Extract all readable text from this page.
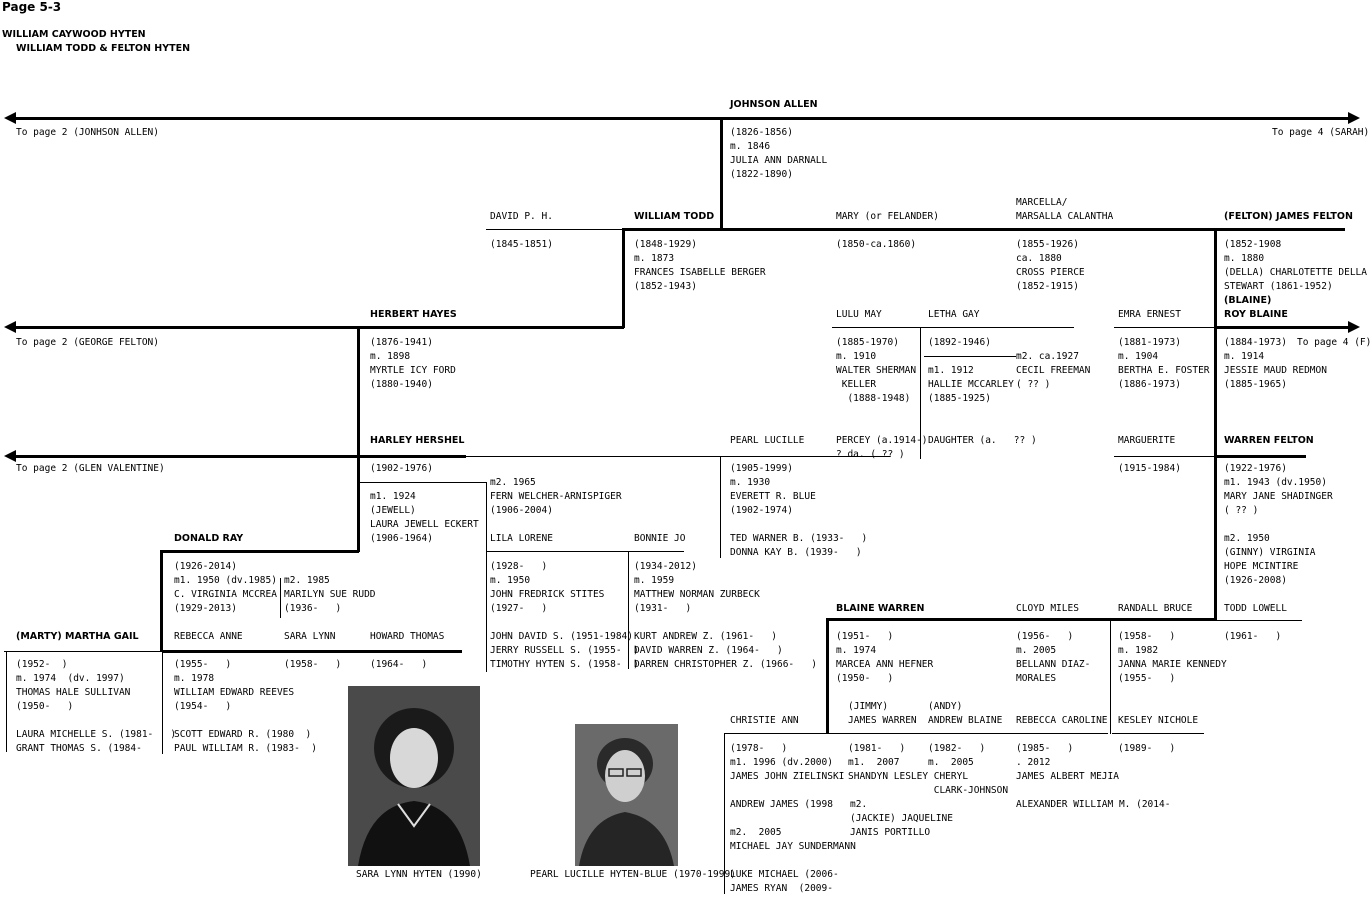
Page 5-3
WILLIAM CAYWOOD HYTEN
WILLIAM TODD & FELTON HYTEN
JOHNSON ALLEN
To page 2 (JONHSON ALLEN)	To page 4 (SARAH)
(1826-1856)
m. 1846
JULIA ANN DARNALL
(1822-1890)
DAVID P. H.
(1845-1851)
WILLIAM TODD
(1848-1929)
m. 1873
FRANCES ISABELLE BERGER
(1852-1943)
MARY (or FELANDER)
(1850-ca.1860)
MARCELLA/
MARSALLA CALANTHA
(1855-1926)
ca. 1880
CROSS PIERCE
(1852-1915)
(FELTON) JAMES FELTON
(1852-1908
m. 1880
(DELLA) CHARLOTETTE DELLA
STEWART (1861-1952)
HERBERT HAYES
To page 2 (GEORGE FELTON)	(1876-1941)
m. 1898
MYRTLE ICY FORD
(1880-1940)
LULU MAY
(1885-1970)
m. 1910
WALTER SHERMAN
KELLER
(1888-1948)
LETHA GAY
(1892-1946)
m1. 1912
HALLIE MCCARLEY
(1885-1925)
m2. ca.1927
CECIL FREEMAN
( ?? )
EMRA ERNEST
(1881-1973)
m. 1904
BERTHA E. FOSTER
(1886-1973)
(BLAINE)
ROY BLAINE
(1884-1973)
m. 1914
JESSIE MAUD REDMON
(1885-1965)
To page 4 (F)
HARLEY HERSHEL
To page 2 (GLEN VALENTINE)	(1902-1976)
m1. 1924
(JEWELL)
LAURA JEWELL ECKERT
(1906-1964)
m2. 1965
FERN WELCHER-ARNISPIGER
(1906-2004)
PEARL LUCILLE
(1905-1999)
m. 1930
EVERETT R. BLUE
(1902-1974)

TED WARNER B. (1933-   )
DONNA KAY B. (1939-   )
PERCEY (a.1914-)
? da. ( ?? )
DAUGHTER (a.   ?? )	MARGUERITE
(1915-1984)
WARREN FELTON
(1922-1976)
m1. 1943 (dv.1950)
MARY JANE SHADINGER
( ?? )

m2. 1950
(GINNY) VIRGINIA
HOPE MCINTIRE
(1926-2008)
DONALD RAY
(1926-2014)
m1. 1950 (dv.1985)
C. VIRGINIA MCCREA
(1929-2013)
m2. 1985
MARILYN SUE RUDD
(1936-   )
LILA LORENE
(1928-   )
m. 1950
JOHN FREDRICK STITES
(1927-   )

JOHN DAVID S. (1951-1984)
JERRY RUSSELL S. (1955-  )
TIMOTHY HYTEN S. (1958-  )
BONNIE JO
(1934-2012)
m. 1959
MATTHEW NORMAN ZURBECK
(1931-   )

KURT ANDREW Z. (1961-   )
DAVID WARREN Z. (1964-   )
DARREN CHRISTOPHER Z. (1966-   )
BLAINE WARREN
(1951-   )
m. 1974
MARCEA ANN HEFNER
(1950-   )
CLOYD MILES
(1956-   )
m. 2005
BELLANN DIAZ-
MORALES
RANDALL BRUCE
(1958-   )
m. 1982
JANNA MARIE KENNEDY
(1955-   )
TODD LOWELL
(1961-   )
(MARTY) MARTHA GAIL
(1952-  )
m. 1974  (dv. 1997)
THOMAS HALE SULLIVAN
(1950-   )

LAURA MICHELLE S. (1981-   )
GRANT THOMAS S. (1984-
REBECCA ANNE
(1955-   )
m. 1978
WILLIAM EDWARD REEVES
(1954-   )

SCOTT EDWARD R. (1980  )
PAUL WILLIAM R. (1983-  )
SARA LYNN
(1958-   )
HOWARD THOMAS
(1964-   )
CHRISTIE ANN
(1978-   )
m1. 1996 (dv.2000)
JAMES JOHN ZIELINSKI

ANDREW JAMES (1998

m2.  2005
MICHAEL JAY SUNDERMANN

LUKE MICHAEL (2006-
JAMES RYAN  (2009-
(JIMMY)
JAMES WARREN
(1981-   )
m1.  2007
SHANDYN LESLEY
(ANDY)
ANDREW BLAINE
(1982-   )
m.  2005
CHERYL
CLARK-JOHNSON
m2.
(JACKIE) JAQUELINE
JANIS PORTILLO
REBECCA CAROLINE
(1985-   )
. 2012
JAMES ALBERT MEJIA

ALEXANDER WILLIAM M. (2014-
KESLEY NICHOLE
(1989-   )
SARA LYNN HYTEN (1990)	PEARL LUCILLE HYTEN-BLUE (1970-1999)
